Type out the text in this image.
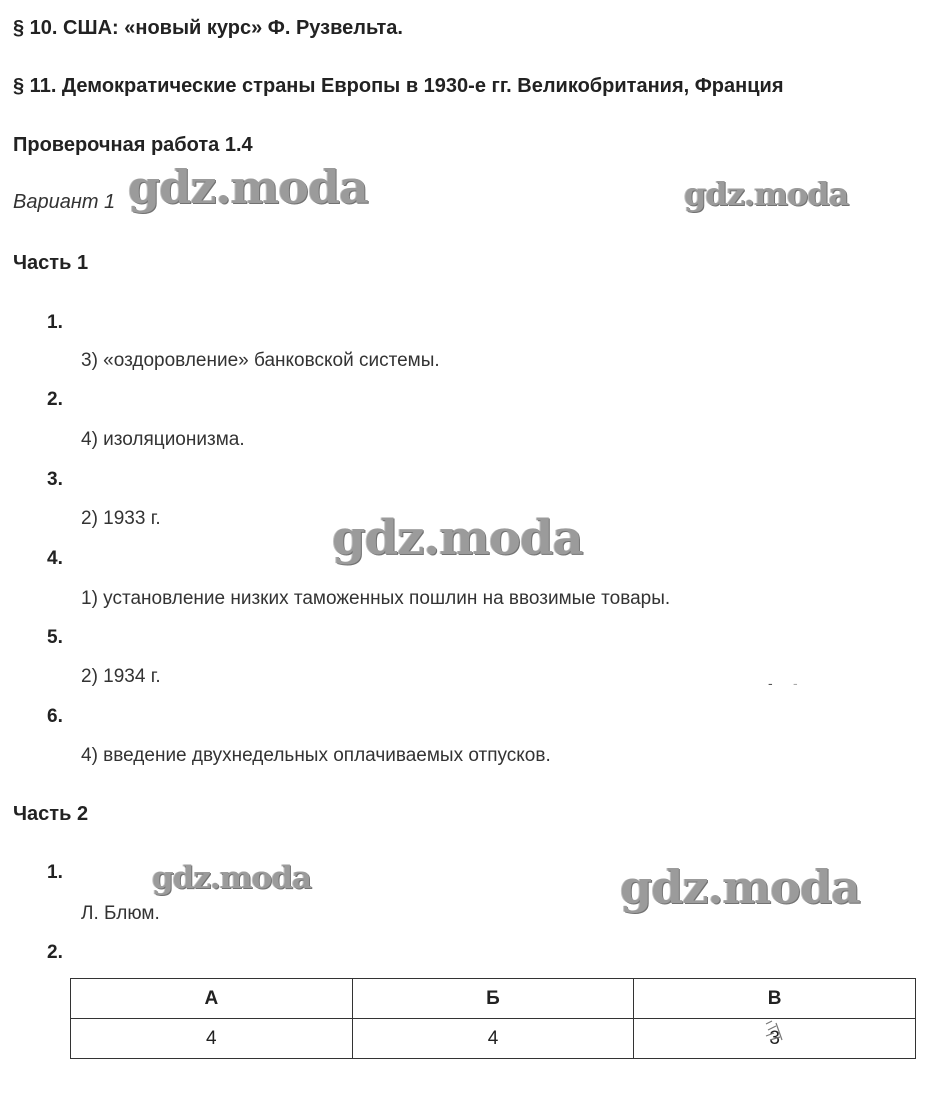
§ 10. США: «новый курс» Ф. Рузвельта.
§ 11. Демократические страны Европы в 1930-е гг. Великобритания, Франция
Проверочная работа 1.4
Вариант 1
Часть 1
1.
3) «оздоровление» банковской системы.
2.
4) изоляционизма.
3.
2) 1933 г.
4.
1) установление низких таможенных пошлин на ввозимые товары.
5.
2) 1934 г.
6.
4) введение двухнедельных оплачиваемых отпусков.
- -
Часть 2
1.
Л. Блюм.
2.
А	Б	В
4	4	3
gdz.moda	gdz.moda
gdz.moda
gdz.moda	gdz.moda
